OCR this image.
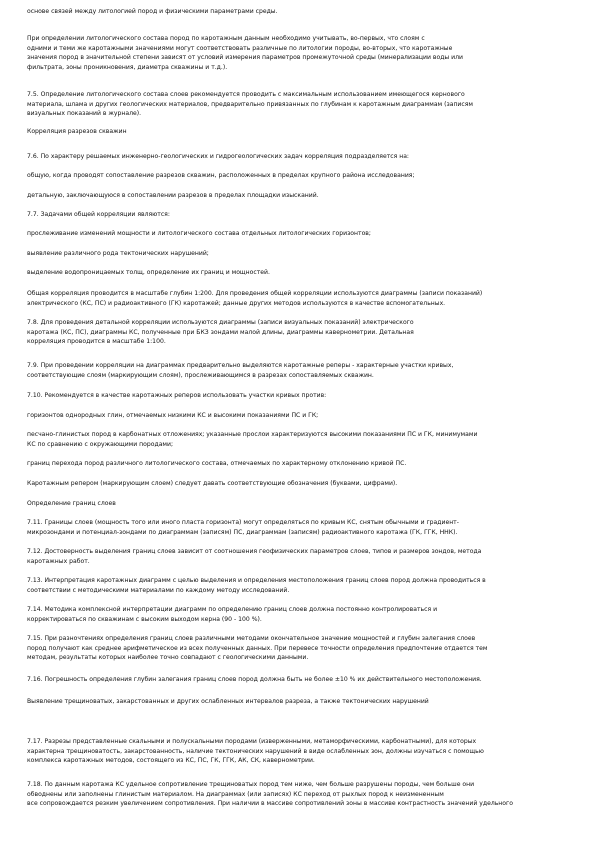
основе связей между литологией пород и физическими параметрами среды.

При определении литологического состава пород по каротажным данным необходимо учитывать, во-первых, что слоям с
одними и теми же каротажными значениями могут соответствовать различные по литологии породы, во-вторых, что каротажные
значения пород в значительной степени зависят от условий измерения параметров промежуточной среды (минерализации воды или
фильтрата, зоны проникновения, диаметра скважины и т.д.).

7.5. Определение литологического состава слоев рекомендуется проводить с максимальным использованием имеющегося кернового
материала, шлама и других геологических материалов, предварительно привязанных по глубинам к каротажным диаграммам (записям
визуальных показаний в журнале).

Корреляция разрезов скважин

7.6. По характеру решаемых инженерно-геологических и гидрогеологических задач корреляция подразделяется на:

общую, когда проводят сопоставление разрезов скважин, расположенных в пределах крупного района исследования;

детальную, заключающуюся в сопоставлении разрезов в пределах площадки изысканий.

7.7. Задачами общей корреляции являются:

прослеживание изменений мощности и литологического состава отдельных литологических горизонтов;

выявление различного рода тектонических нарушений;

выделение водопроницаемых толщ, определение их границ и мощностей.

Общая корреляция проводится в масштабе глубин 1:200. Для проведения общей корреляции используются диаграммы (записи показаний)
электрического (КС, ПС) и радиоактивного (ГК) каротажей; данные других методов используются в качестве вспомогательных.

7.8. Для проведения детальной корреляции используются диаграммы (записи визуальных показаний) электрического
каротажа (КС, ПС), диаграммы КС, полученные при БКЗ зондами малой длины, диаграммы кавернометрии. Детальная
корреляция проводится в масштабе 1:100.

7.9. При проведении корреляции на диаграммах предварительно выделяются каротажные реперы - характерные участки кривых,
соответствующие слоям (маркирующим слоям), прослеживающимся в разрезах сопоставляемых скважин.

7.10. Рекомендуется в качестве каротажных реперов использовать участки кривых против:

горизонтов однородных глин, отмечаемых низкими КС и высокими показаниями ПС и ГК;

песчано-глинистых пород в карбонатных отложениях; указанные прослои характеризуются высокими показаниями ПС и ГК, минимумами
КС по сравнению с окружающими породами;

границ перехода пород различного литологического состава, отмечаемых по характерному отклонению кривой ПС.

Каротажным репером (маркирующим слоем) следует давать соответствующие обозначения (буквами, цифрами).

Определение границ слоев

7.11. Границы слоев (мощность того или иного пласта горизонта) могут определяться по кривым КС, снятым обычными и градиент-
микрозондами и потенциал-зондами по диаграммам (записям) ПС, диаграммам (записям) радиоактивного каротажа (ГК, ГГК, ННК).

7.12. Достоверность выделения границ слоев зависит от соотношения геофизических параметров слоев, типов и размеров зондов, метода
каротажных работ.

7.13. Интерпретация каротажных диаграмм с целью выделения и определения местоположения границ слоев пород должна проводиться в
соответствии с методическими материалами по каждому методу исследований.

7.14. Методика комплексной интерпретации диаграмм по определению границ слоев должна постоянно контролироваться и
корректироваться по скважинам с высоким выходом керна (90 - 100 %).

7.15. При разночтениях определения границ слоев различными методами окончательное значение мощностей и глубин залегания слоев
пород получают как среднее арифметическое из всех полученных данных. При перевесе точности определения предпочтение отдается тем
методам, результаты которых наиболее точно совпадают с геологическими данными.

7.16. Погрешность определения глубин залегания границ слоев пород должна быть не более ±10 % их действительного местоположения.

Выявление трещиноватых, закарстованных и других ослабленных интервалов разреза, а также тектонических нарушений

7.17. Разрезы представленные скальными и полускальными породами (изверженными, метаморфическими, карбонатными), для которых
характерна трещиноватость, закарстованность, наличие тектонических нарушений в виде ослабленных зон, должны изучаться с помощью
комплекса каротажных методов, состоящего из КС, ПС, ГК, ГГК, АК, СК, кавернометрии.

7.18. По данным каротажа КС удельное сопротивление трещиноватых пород тем ниже, чем больше разрушены породы, чем больше они
обводнены или заполнены глинистым материалом. На диаграммах (или записях) КС переход от рыхлых пород к неизмененным
все сопровождается резким увеличением сопротивления. При наличии в массиве сопротивлений зоны в массиве контрастность значений удельного
